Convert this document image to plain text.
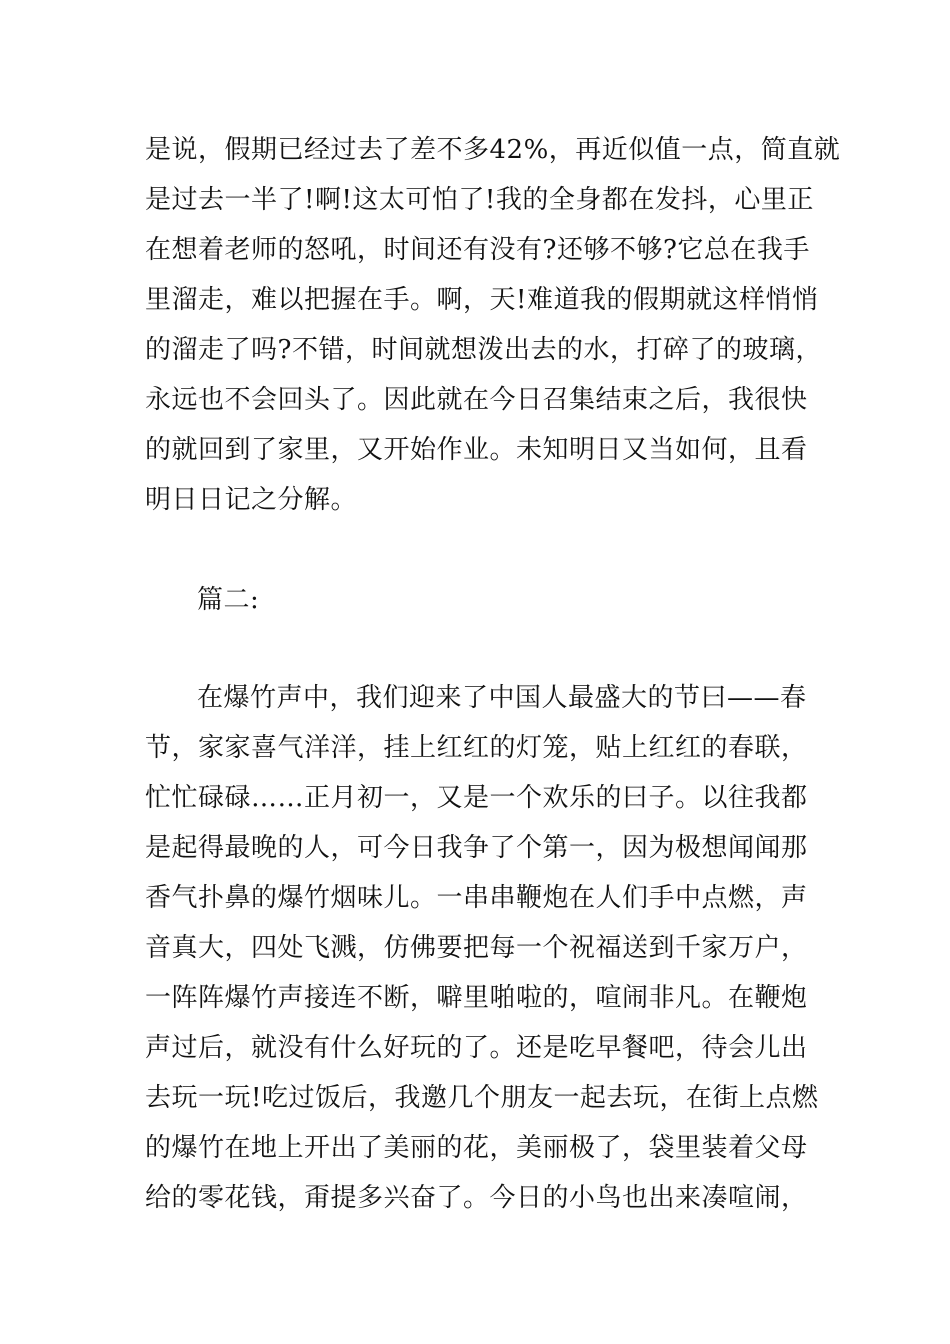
是说，假期已经过去了差不多42%，再近似值一点，简直就
是过去一半了!啊!这太可怕了!我的全身都在发抖，心里正
在想着老师的怒吼，时间还有没有?还够不够?它总在我手
里溜走，难以把握在手。啊，天!难道我的假期就这样悄悄
的溜走了吗?不错，时间就想泼出去的水，打碎了的玻璃，
永远也不会回头了。因此就在今日召集结束之后，我很快
的就回到了家里，又开始作业。未知明日又当如何，且看
明日日记之分解。
篇二:
在爆竹声中，我们迎来了中国人最盛大的节曰——春
节，家家喜气洋洋，挂上红红的灯笼，贴上红红的春联，
忙忙碌碌……正月初一，又是一个欢乐的曰子。以往我都
是起得最晚的人，可今日我争了个第一，因为极想闻闻那
香气扑鼻的爆竹烟味儿。一串串鞭炮在人们手中点燃，声
音真大，四处飞溅，仿佛要把每一个祝福送到千家万户，
一阵阵爆竹声接连不断，噼里啪啦的，喧闹非凡。在鞭炮
声过后，就没有什么好玩的了。还是吃早餐吧，待会儿出
去玩一玩!吃过饭后，我邀几个朋友一起去玩，在街上点燃
的爆竹在地上开出了美丽的花，美丽极了，袋里装着父母
给的零花钱，甭提多兴奋了。今日的小鸟也出来凑喧闹，
